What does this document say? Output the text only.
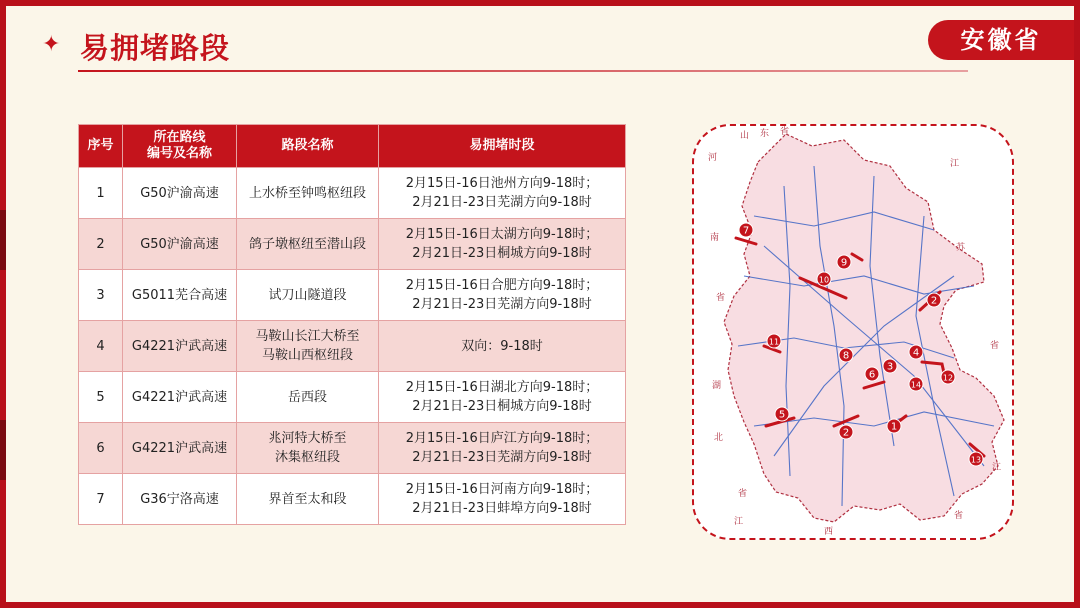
✦ 易拥堵路段	安徽省
序号	所在路线
编号及名称	路段名称	易拥堵时段
1	G50沪渝高速	上水桥至钟鸣枢纽段	2月15日-16日池州方向9-18时；
2月21日-23日芜湖方向9-18时
2	G50沪渝高速	鸽子墩枢纽至潜山段	2月15日-16日太湖方向9-18时；
2月21日-23日桐城方向9-18时
3	G5011芜合高速	试刀山隧道段	2月15日-16日合肥方向9-18时；
2月21日-23日芜湖方向9-18时
4	G4221沪武高速	马鞍山长江大桥至
马鞍山西枢纽段	双向：9-18时
5	G4221沪武高速	岳西段	2月15日-16日湖北方向9-18时；
2月21日-23日桐城方向9-18时
6	G4221沪武高速	兆河特大桥至
沐集枢纽段	2月15日-16日庐江方向9-18时；
2月21日-23日芜湖方向9-18时
7	G36宁洛高速	界首至太和段	2月15日-16日河南方向9-18时；
2月21日-23日蚌埠方向9-18时
1
2
2
3
4
5
6
7
8
9
10
11
12
13
14
山 东 省
河
南
省
江
苏
省
湖
北
省
江
西
省
江
